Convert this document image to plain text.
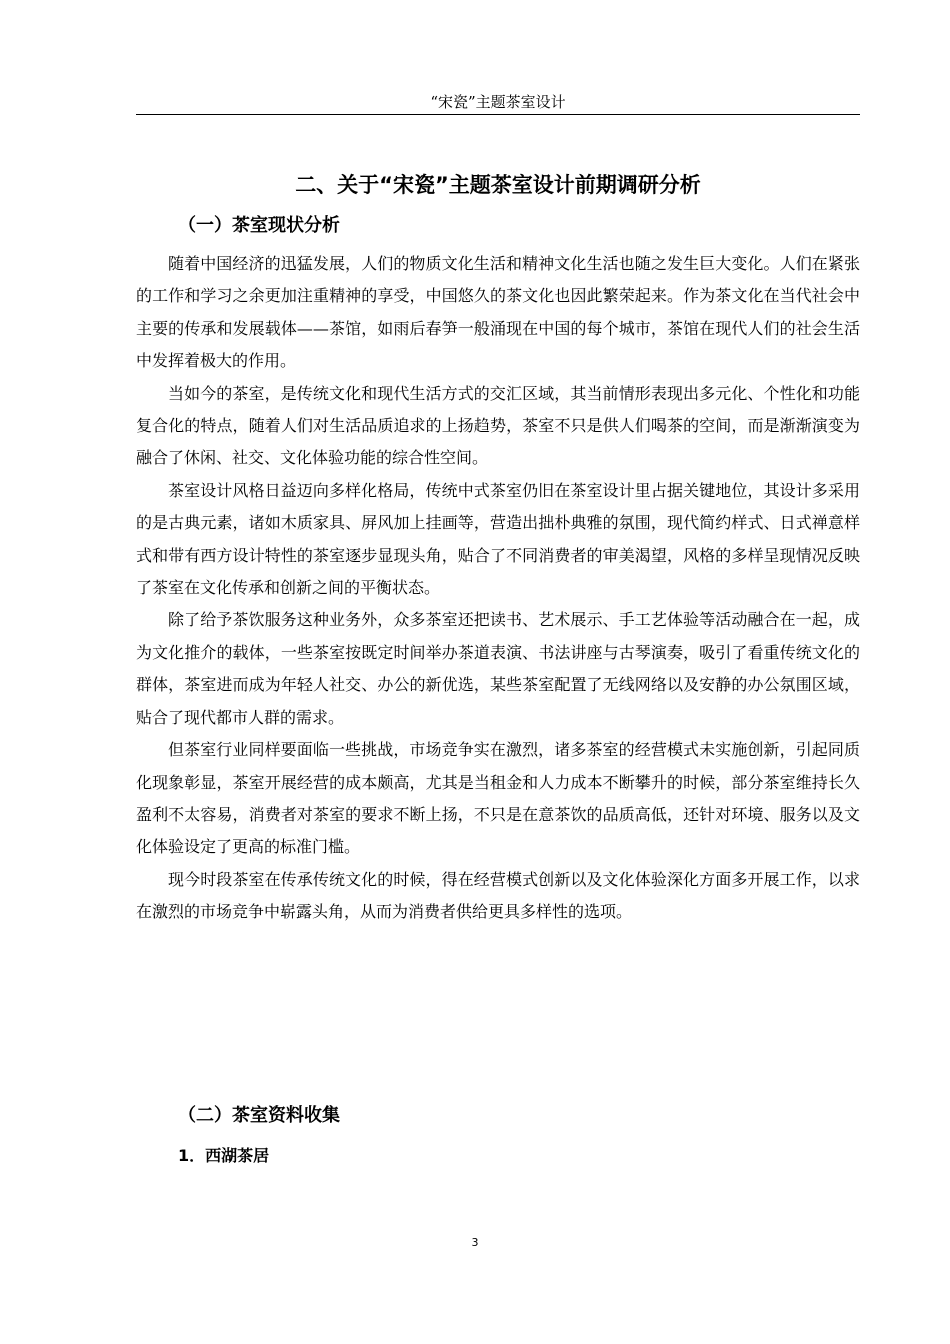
“宋瓷”主题茶室设计
二、关于“宋瓷”主题茶室设计前期调研分析
（一）茶室现状分析

随着中国经济的迅猛发展，人们的物质文化生活和精神文化生活也随之发生巨大变化。人们在紧张的工作和学习之余更加注重精神的享受，中国悠久的茶文化也因此繁荣起来。作为茶文化在当代社会中主要的传承和发展载体——茶馆，如雨后春笋一般涌现在中国的每个城市，茶馆在现代人们的社会生活中发挥着极大的作用。

当如今的茶室，是传统文化和现代生活方式的交汇区域，其当前情形表现出多元化、个性化和功能复合化的特点，随着人们对生活品质追求的上扬趋势，茶室不只是供人们喝茶的空间，而是渐渐演变为融合了休闲、社交、文化体验功能的综合性空间。

茶室设计风格日益迈向多样化格局，传统中式茶室仍旧在茶室设计里占据关键地位，其设计多采用的是古典元素，诸如木质家具、屏风加上挂画等，营造出拙朴典雅的氛围，现代简约样式、日式禅意样式和带有西方设计特性的茶室逐步显现头角，贴合了不同消费者的审美渴望，风格的多样呈现情况反映了茶室在文化传承和创新之间的平衡状态。

除了给予茶饮服务这种业务外，众多茶室还把读书、艺术展示、手工艺体验等活动融合在一起，成为文化推介的载体，一些茶室按既定时间举办茶道表演、书法讲座与古琴演奏，吸引了看重传统文化的群体，茶室进而成为年轻人社交、办公的新优选，某些茶室配置了无线网络以及安静的办公氛围区域，贴合了现代都市人群的需求。

但茶室行业同样要面临一些挑战，市场竞争实在激烈，诸多茶室的经营模式未实施创新，引起同质化现象彰显，茶室开展经营的成本颇高，尤其是当租金和人力成本不断攀升的时候，部分茶室维持长久盈利不太容易，消费者对茶室的要求不断上扬，不只是在意茶饮的品质高低，还针对环境、服务以及文化体验设定了更高的标准门槛。

现今时段茶室在传承传统文化的时候，得在经营模式创新以及文化体验深化方面多开展工作，以求在激烈的市场竞争中崭露头角，从而为消费者供给更具多样性的选项。

（二）茶室资料收集
1．西湖茶居
3
